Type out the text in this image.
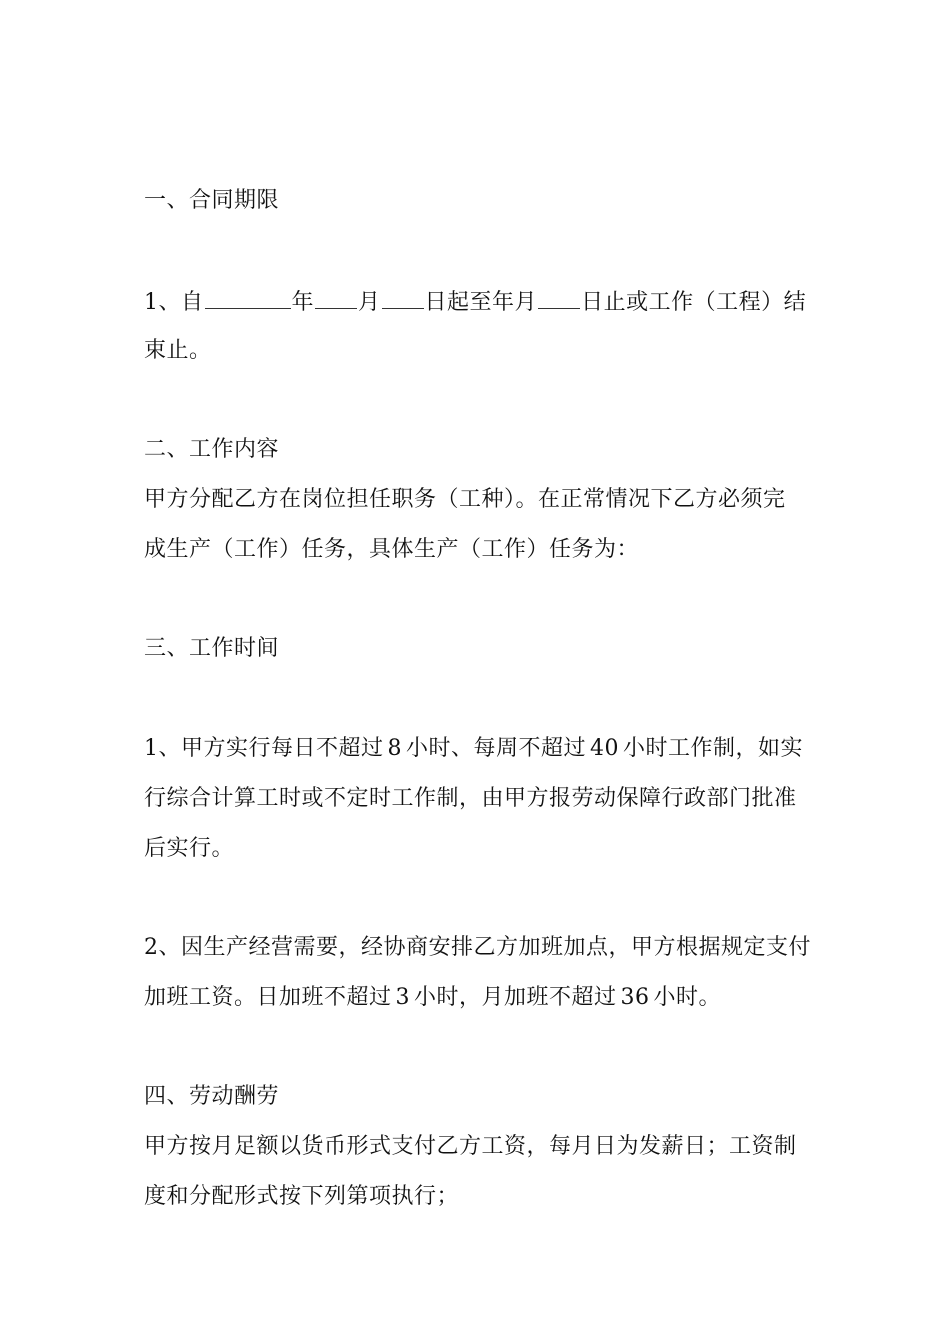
一、合同期限
1、自	年 月 日起至年月 日止或工作（工程）结
束止。
二、工作内容
甲方分配乙方在岗位担任职务（工种）。在正常情况下乙方必须完
成生产（工作）任务，具体生产（工作）任务为：
三、工作时间
1、甲方实行每日不超过 8 小时、每周不超过 40 小时工作制，如实
行综合计算工时或不定时工作制，由甲方报劳动保障行政部门批准
后实行。
2、因生产经营需要，经协商安排乙方加班加点，甲方根据规定支付
加班工资。日加班不超过 3 小时，月加班不超过 36 小时。
四、劳动酬劳
甲方按月足额以货币形式支付乙方工资，每月日为发薪日；工资制
度和分配形式按下列第项执行；
